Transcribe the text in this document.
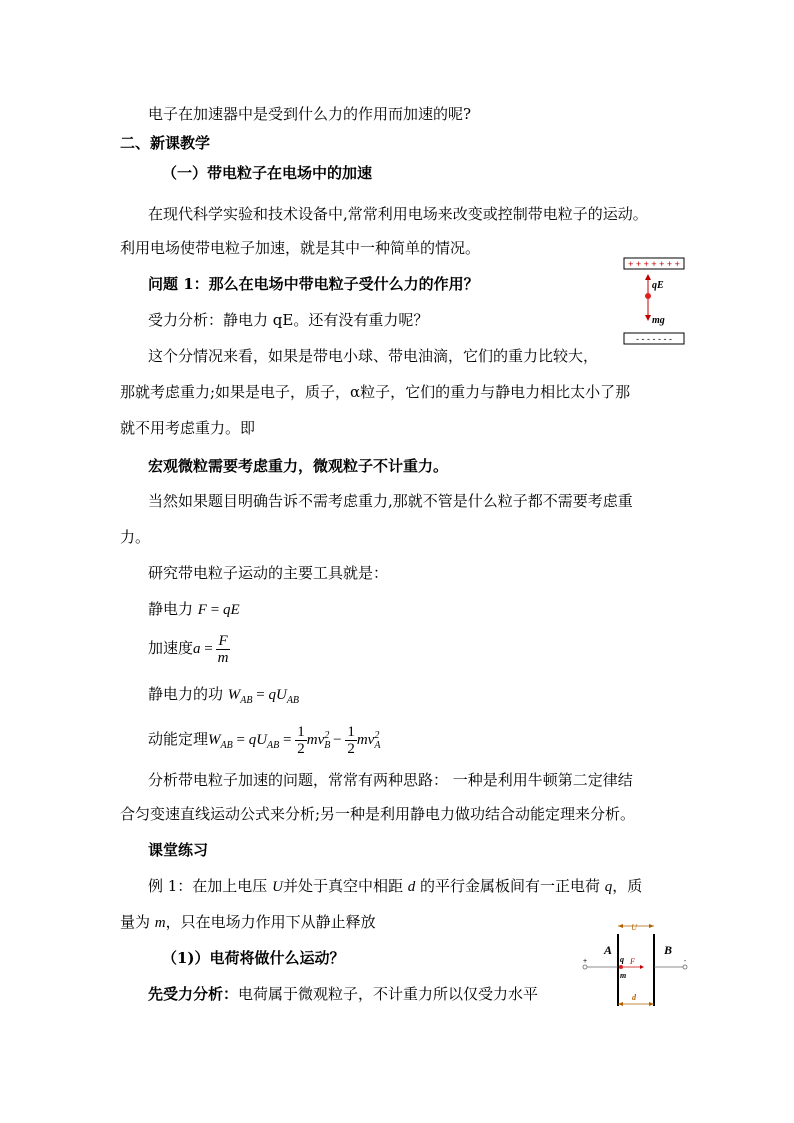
电子在加速器中是受到什么力的作用而加速的呢?
二、新课教学
（一）带电粒子在电场中的加速
在现代科学实验和技术设备中,常常利用电场来改变或控制带电粒子的运动。
利用电场使带电粒子加速，就是其中一种简单的情况。
问题 1：那么在电场中带电粒子受什么力的作用？
受力分析：静电力 qE。还有没有重力呢？
这个分情况来看，如果是带电小球、带电油滴，它们的重力比较大，
那就考虑重力;如果是电子，质子，α粒子，它们的重力与静电力相比太小了那
就不用考虑重力。即
宏观微粒需要考虑重力，微观粒子不计重力。
当然如果题目明确告诉不需考虑重力,那就不管是什么粒子都不需要考虑重
力。
研究带电粒子运动的主要工具就是：
静电力 F = qE
加速度$a = \frac{F}{m}$
静电力的功 $W_{AB} = qU_{AB}$
动能定理$W_{AB} = qU_{AB} = \frac{1}{2} mv_B^2 - \frac{1}{2} mv_A^2$
分析带电粒子加速的问题，常常有两种思路： 一种是利用牛顿第二定律结
合匀变速直线运动公式来分析;另一种是利用静电力做功结合动能定理来分析。
课堂练习
例 1：在加上电压 U并处于真空中相距 d 的平行金属板间有一正电荷 q，质
量为 m，只在电场力作用下从静止释放
（1)）电荷将做什么运动？
先受力分析：电荷属于微观粒子，不计重力所以仅受力水平
+ + + + + + +
qE
mg
- - - - - - -
U
+	-
A	B
q
m
F
d
